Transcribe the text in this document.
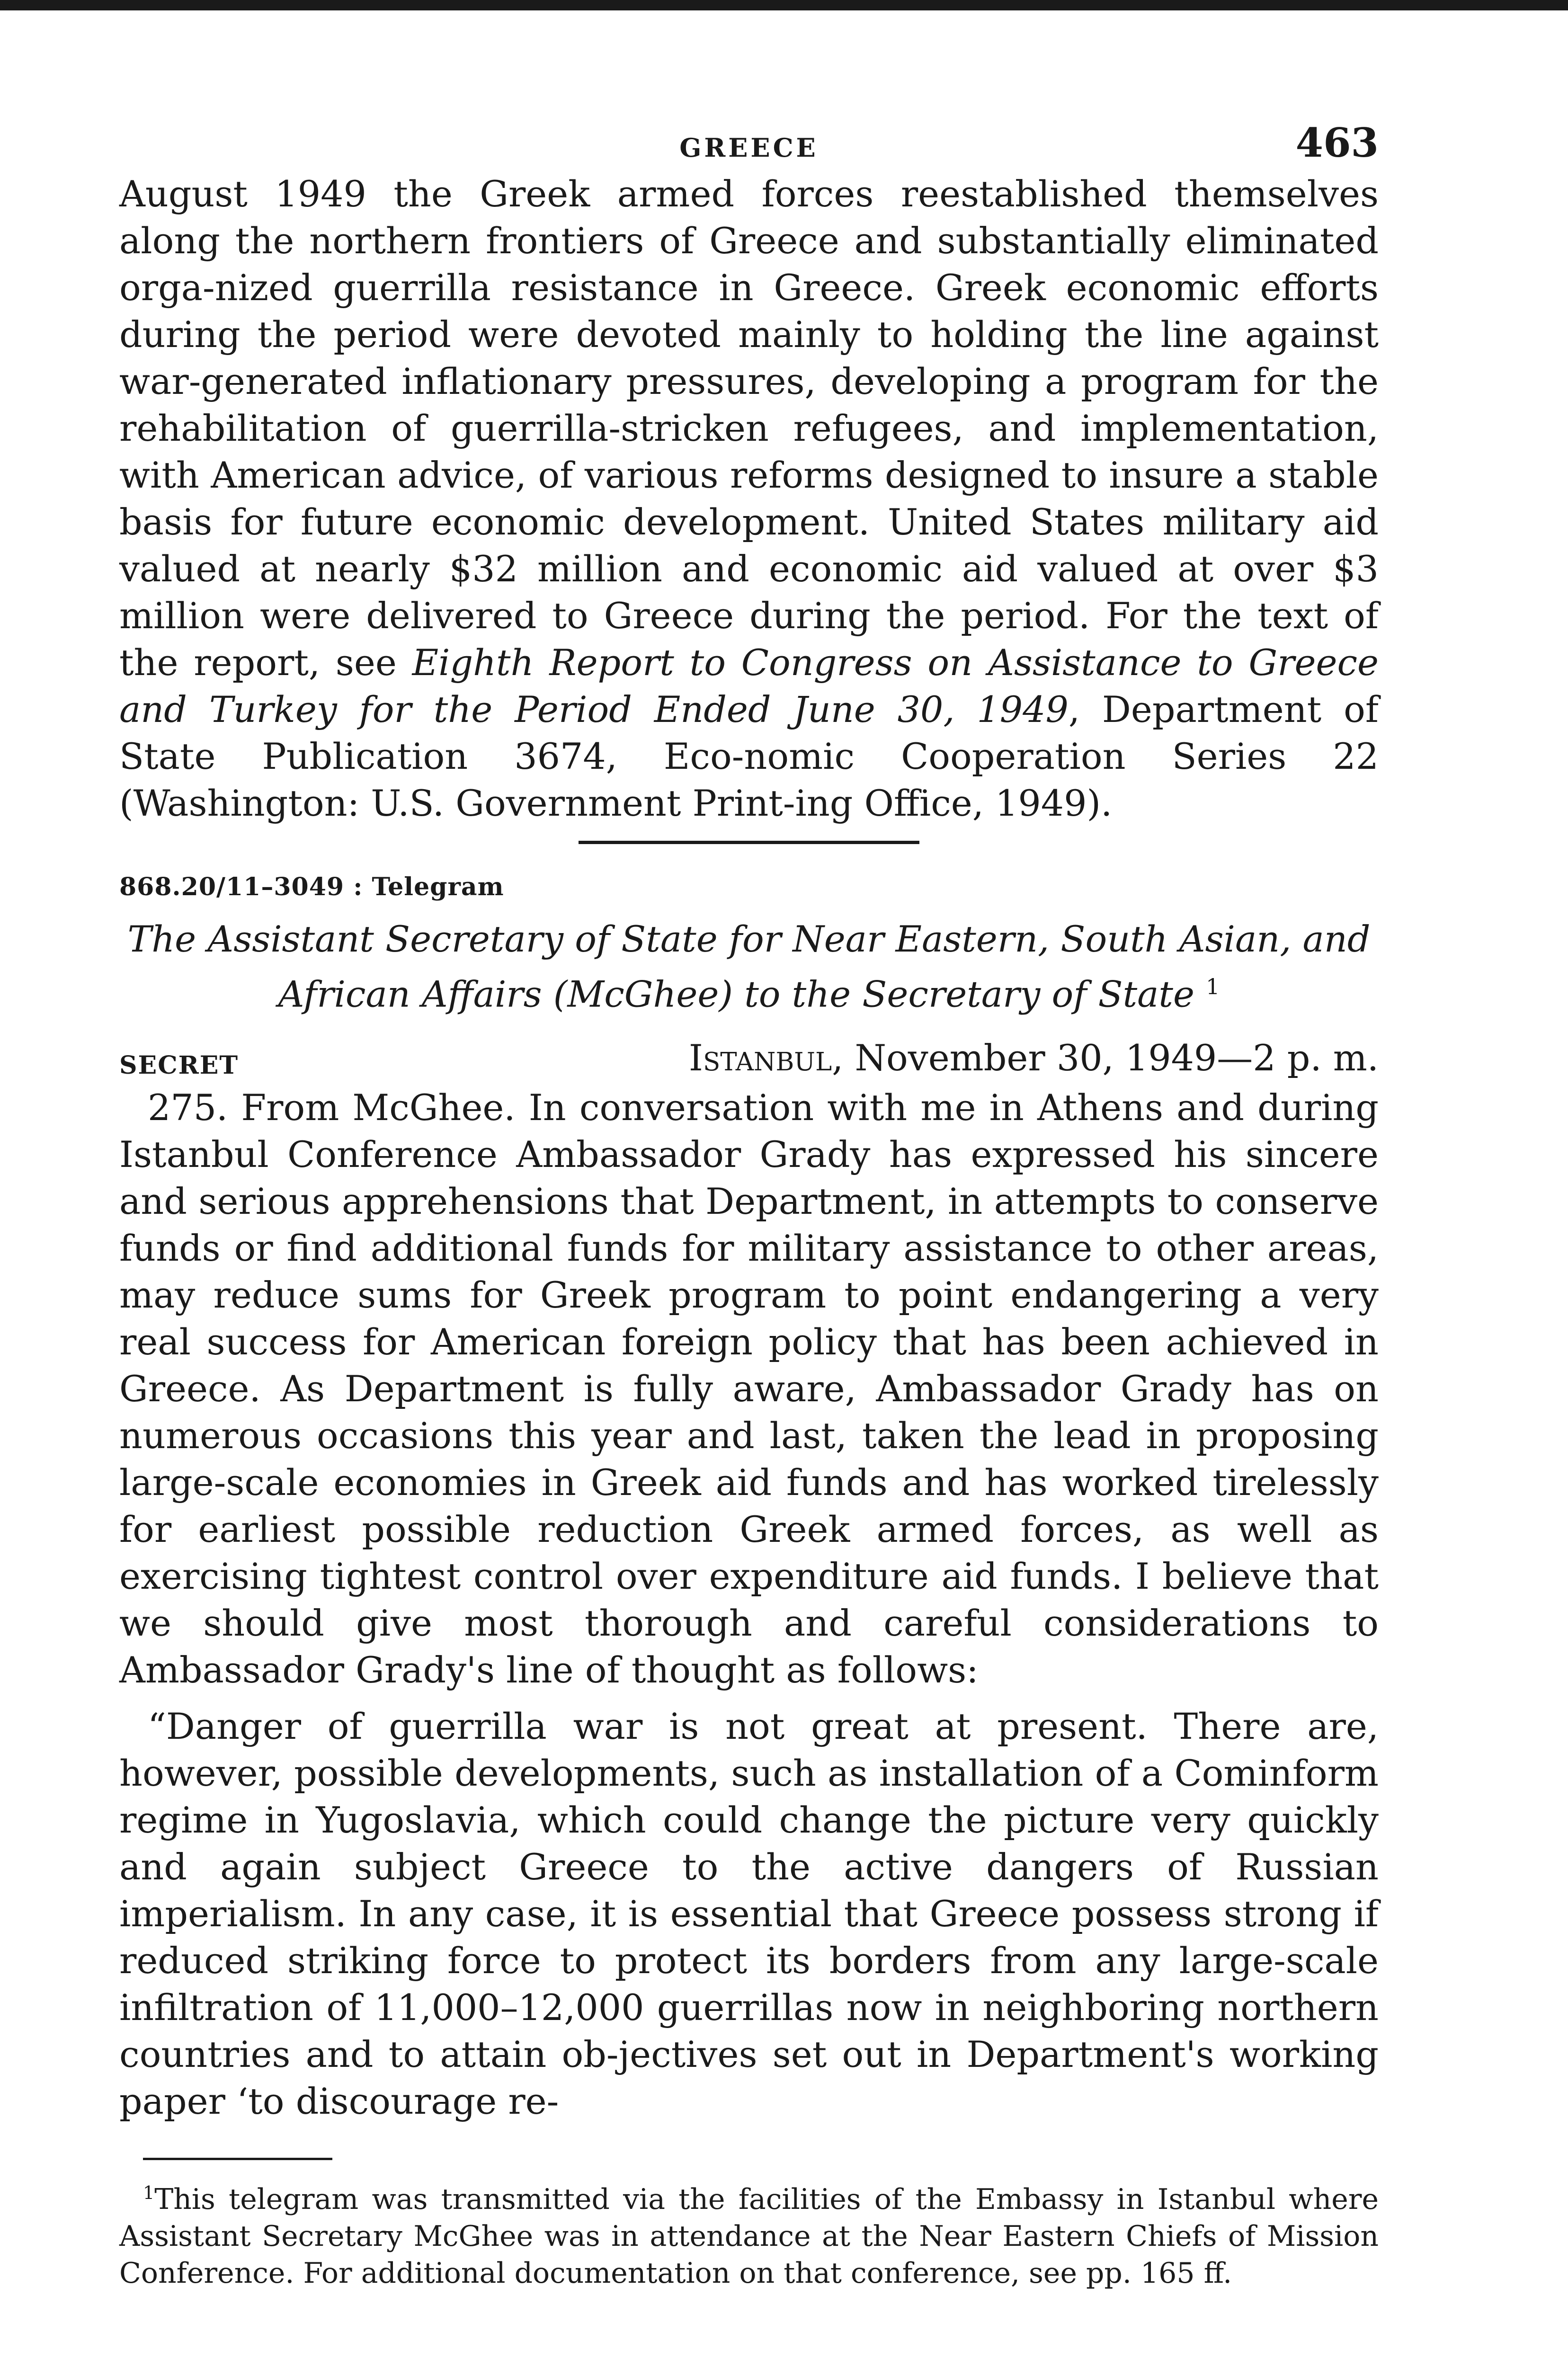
GREECE	463

August 1949 the Greek armed forces reestablished themselves along the northern frontiers of Greece and substantially eliminated orga-nized guerrilla resistance in Greece. Greek economic efforts during the period were devoted mainly to holding the line against war-generated inflationary pressures, developing a program for the rehabilitation of guerrilla-stricken refugees, and implementation, with American advice, of various reforms designed to insure a stable basis for future economic development. United States military aid valued at nearly $32 million and economic aid valued at over $3 million were delivered to Greece during the period. For the text of the report, see Eighth Report to Congress on Assistance to Greece and Turkey for the Period Ended June 30, 1949, Department of State Publication 3674, Eco-nomic Cooperation Series 22 (Washington: U.S. Government Print-ing Office, 1949).

868.20/11–3049 : Telegram
The Assistant Secretary of State for Near Eastern, South Asian, and African Affairs (McGhee) to the Secretary of State $^1$
SECRET	Istanbul, November 30, 1949—2 p. m.

275. From McGhee. In conversation with me in Athens and during Istanbul Conference Ambassador Grady has expressed his sincere and serious apprehensions that Department, in attempts to conserve funds or find additional funds for military assistance to other areas, may reduce sums for Greek program to point endangering a very real success for American foreign policy that has been achieved in Greece. As Department is fully aware, Ambassador Grady has on numerous occasions this year and last, taken the lead in proposing large-scale economies in Greek aid funds and has worked tirelessly for earliest possible reduction Greek armed forces, as well as exercising tightest control over expenditure aid funds. I believe that we should give most thorough and careful considerations to Ambassador Grady's line of thought as follows:

“Danger of guerrilla war is not great at present. There are, however, possible developments, such as installation of a Cominform regime in Yugoslavia, which could change the picture very quickly and again subject Greece to the active dangers of Russian imperialism. In any case, it is essential that Greece possess strong if reduced striking force to protect its borders from any large-scale infiltration of 11,000–12,000 guerrillas now in neighboring northern countries and to attain ob-jectives set out in Department's working paper ‘to discourage re-

$^1$This telegram was transmitted via the facilities of the Embassy in Istanbul where Assistant Secretary McGhee was in attendance at the Near Eastern Chiefs of Mission Conference. For additional documentation on that conference, see pp. 165 ff.
